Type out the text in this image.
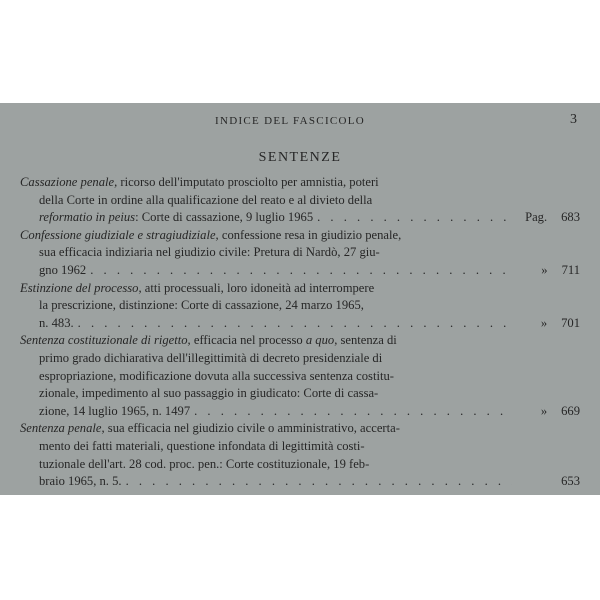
INDICE DEL FASCICOLO	3
SENTENZE
Cassazione penale, ricorso dell'imputato prosciolto per amnistia, poteri
della Corte in ordine alla qualificazione del reato e al divieto della
reformatio in peius: Corte di cassazione, 9 luglio 1965 . . .	Pag. 683
Confessione giudiziale e stragiudiziale, confessione resa in giudizio penale,
sua efficacia indiziaria nel giudizio civile: Pretura di Nardò, 27 giu-
gno 1962 . . .	» 711
Estinzione del processo, atti processuali, loro idoneità ad interrompere
la prescrizione, distinzione: Corte di cassazione, 24 marzo 1965,
n. 483. . . .	» 701
Sentenza costituzionale di rigetto, efficacia nel processo a quo, sentenza di
primo grado dichiarativa dell'illegittimità di decreto presidenziale di
espropriazione, modificazione dovuta alla successiva sentenza costitu-
zionale, impedimento al suo passaggio in giudicato: Corte di cassa-
zione, 14 luglio 1965, n. 1497 . . .	» 669
Sentenza penale, sua efficacia nel giudizio civile o amministrativo, accerta-
mento dei fatti materiali, questione infondata di legittimità costi-
tuzionale dell'art. 28 cod. proc. pen.: Corte costituzionale, 19 feb-
braio 1965, n. 5. . . .	653
